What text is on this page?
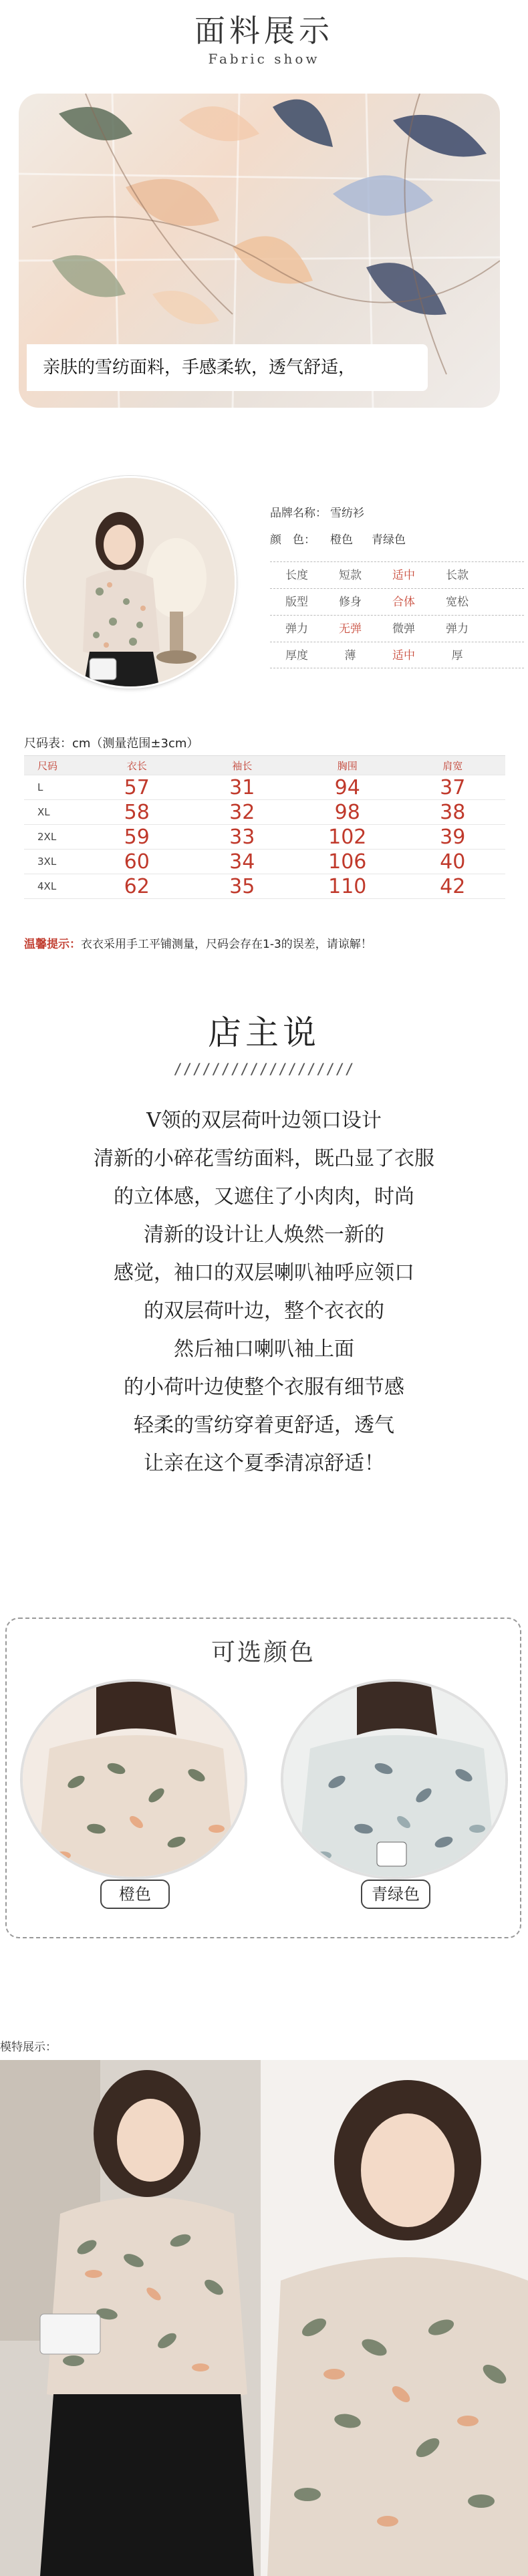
面料展示
Fabric show
亲肤的雪纺面料，手感柔软，透气舒适，
品牌名称： 雪纺衫
颜　色：	橙色 青绿色
长度	短款	适中	长款
版型	修身	合体	宽松
弹力	无弹	微弹	弹力
厚度	薄	适中	厚
尺码表：cm（测量范围±3cm）
尺码	衣长	袖长	胸围	肩宽
L	57	31	94	37
XL	58	32	98	38
2XL	59	33	102	39
3XL	60	34	106	40
4XL	62	35	110	42
温馨提示：衣衣采用手工平铺测量，尺码会存在1-3的误差，请谅解！
店主说
///////////////////
V领的双层荷叶边领口设计
清新的小碎花雪纺面料，既凸显了衣服
的立体感，又遮住了小肉肉，时尚
清新的设计让人焕然一新的
感觉，袖口的双层喇叭袖呼应领口
的双层荷叶边，整个衣衣的
然后袖口喇叭袖上面
的小荷叶边使整个衣服有细节感
轻柔的雪纺穿着更舒适，透气
让亲在这个夏季清凉舒适！
可选颜色
橙色	青绿色
模特展示：
